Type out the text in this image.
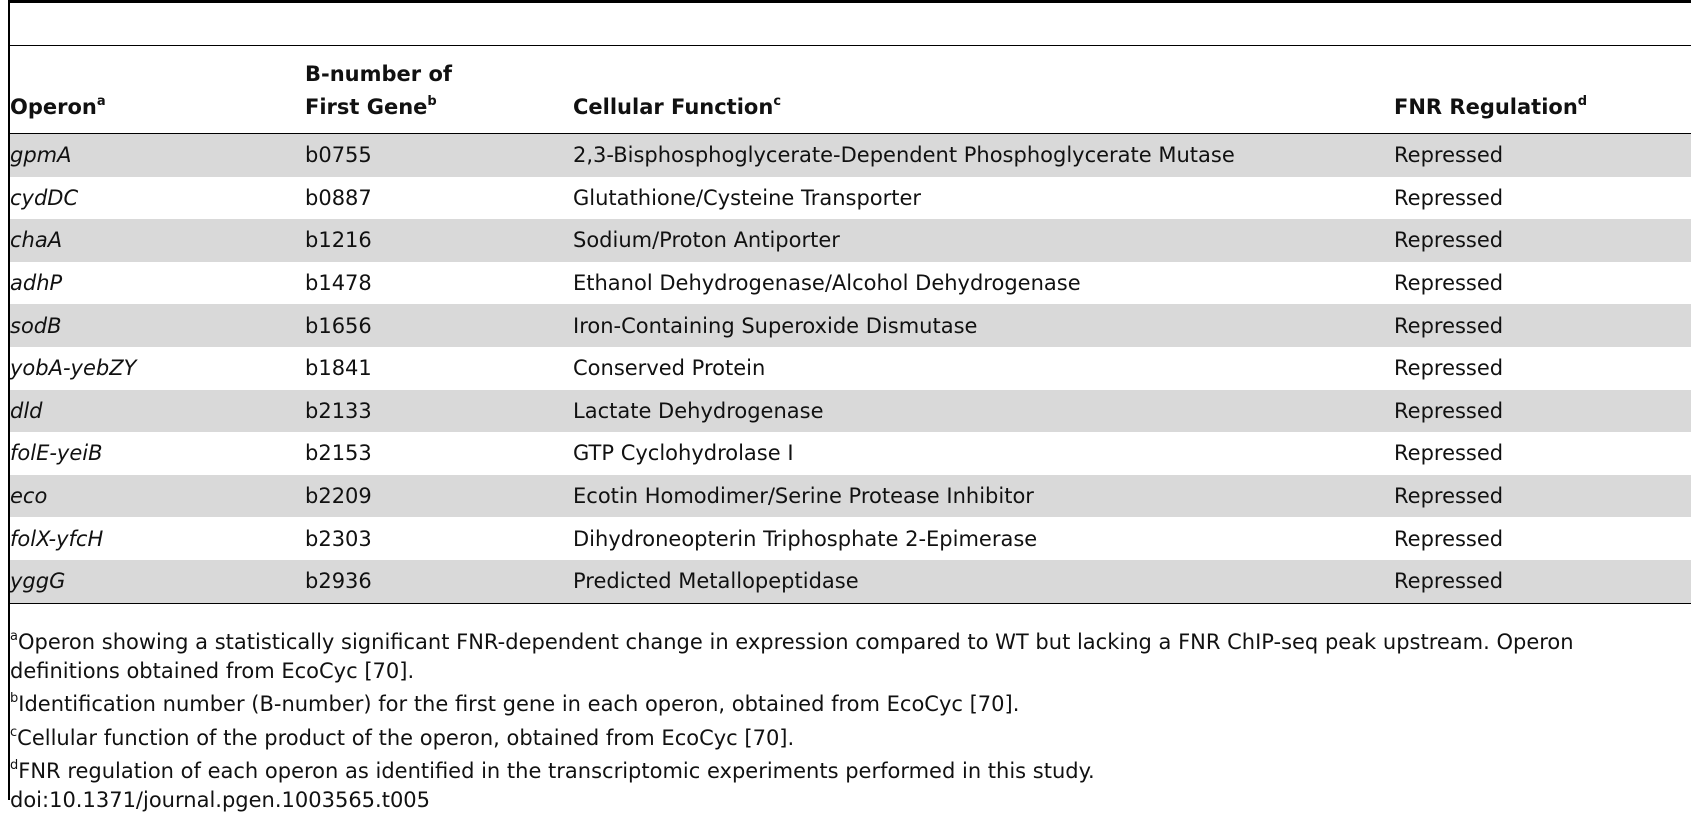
Operon$^a$	B-number of First Gene$^b$	Cellular Function$^c$	FNR Regulation$^d$
gpmA	b0755	2,3-Bisphosphoglycerate-Dependent Phosphoglycerate Mutase	Repressed
cydDC	b0887	Glutathione/Cysteine Transporter	Repressed
chaA	b1216	Sodium/Proton Antiporter	Repressed
adhP	b1478	Ethanol Dehydrogenase/Alcohol Dehydrogenase	Repressed
sodB	b1656	Iron-Containing Superoxide Dismutase	Repressed
yobA-yebZY	b1841	Conserved Protein	Repressed
dld	b2133	Lactate Dehydrogenase	Repressed
folE-yeiB	b2153	GTP Cyclohydrolase I	Repressed
eco	b2209	Ecotin Homodimer/Serine Protease Inhibitor	Repressed
folX-yfcH	b2303	Dihydroneopterin Triphosphate 2-Epimerase	Repressed
yggG	b2936	Predicted Metallopeptidase	Repressed

$^a$Operon showing a statistically significant FNR-dependent change in expression compared to WT but lacking a FNR ChIP-seq peak upstream. Operon definitions obtained from EcoCyc [70].

$^b$Identification number (B-number) for the first gene in each operon, obtained from EcoCyc [70].

$^c$Cellular function of the product of the operon, obtained from EcoCyc [70].

$^d$FNR regulation of each operon as identified in the transcriptomic experiments performed in this study.

doi:10.1371/journal.pgen.1003565.t005
